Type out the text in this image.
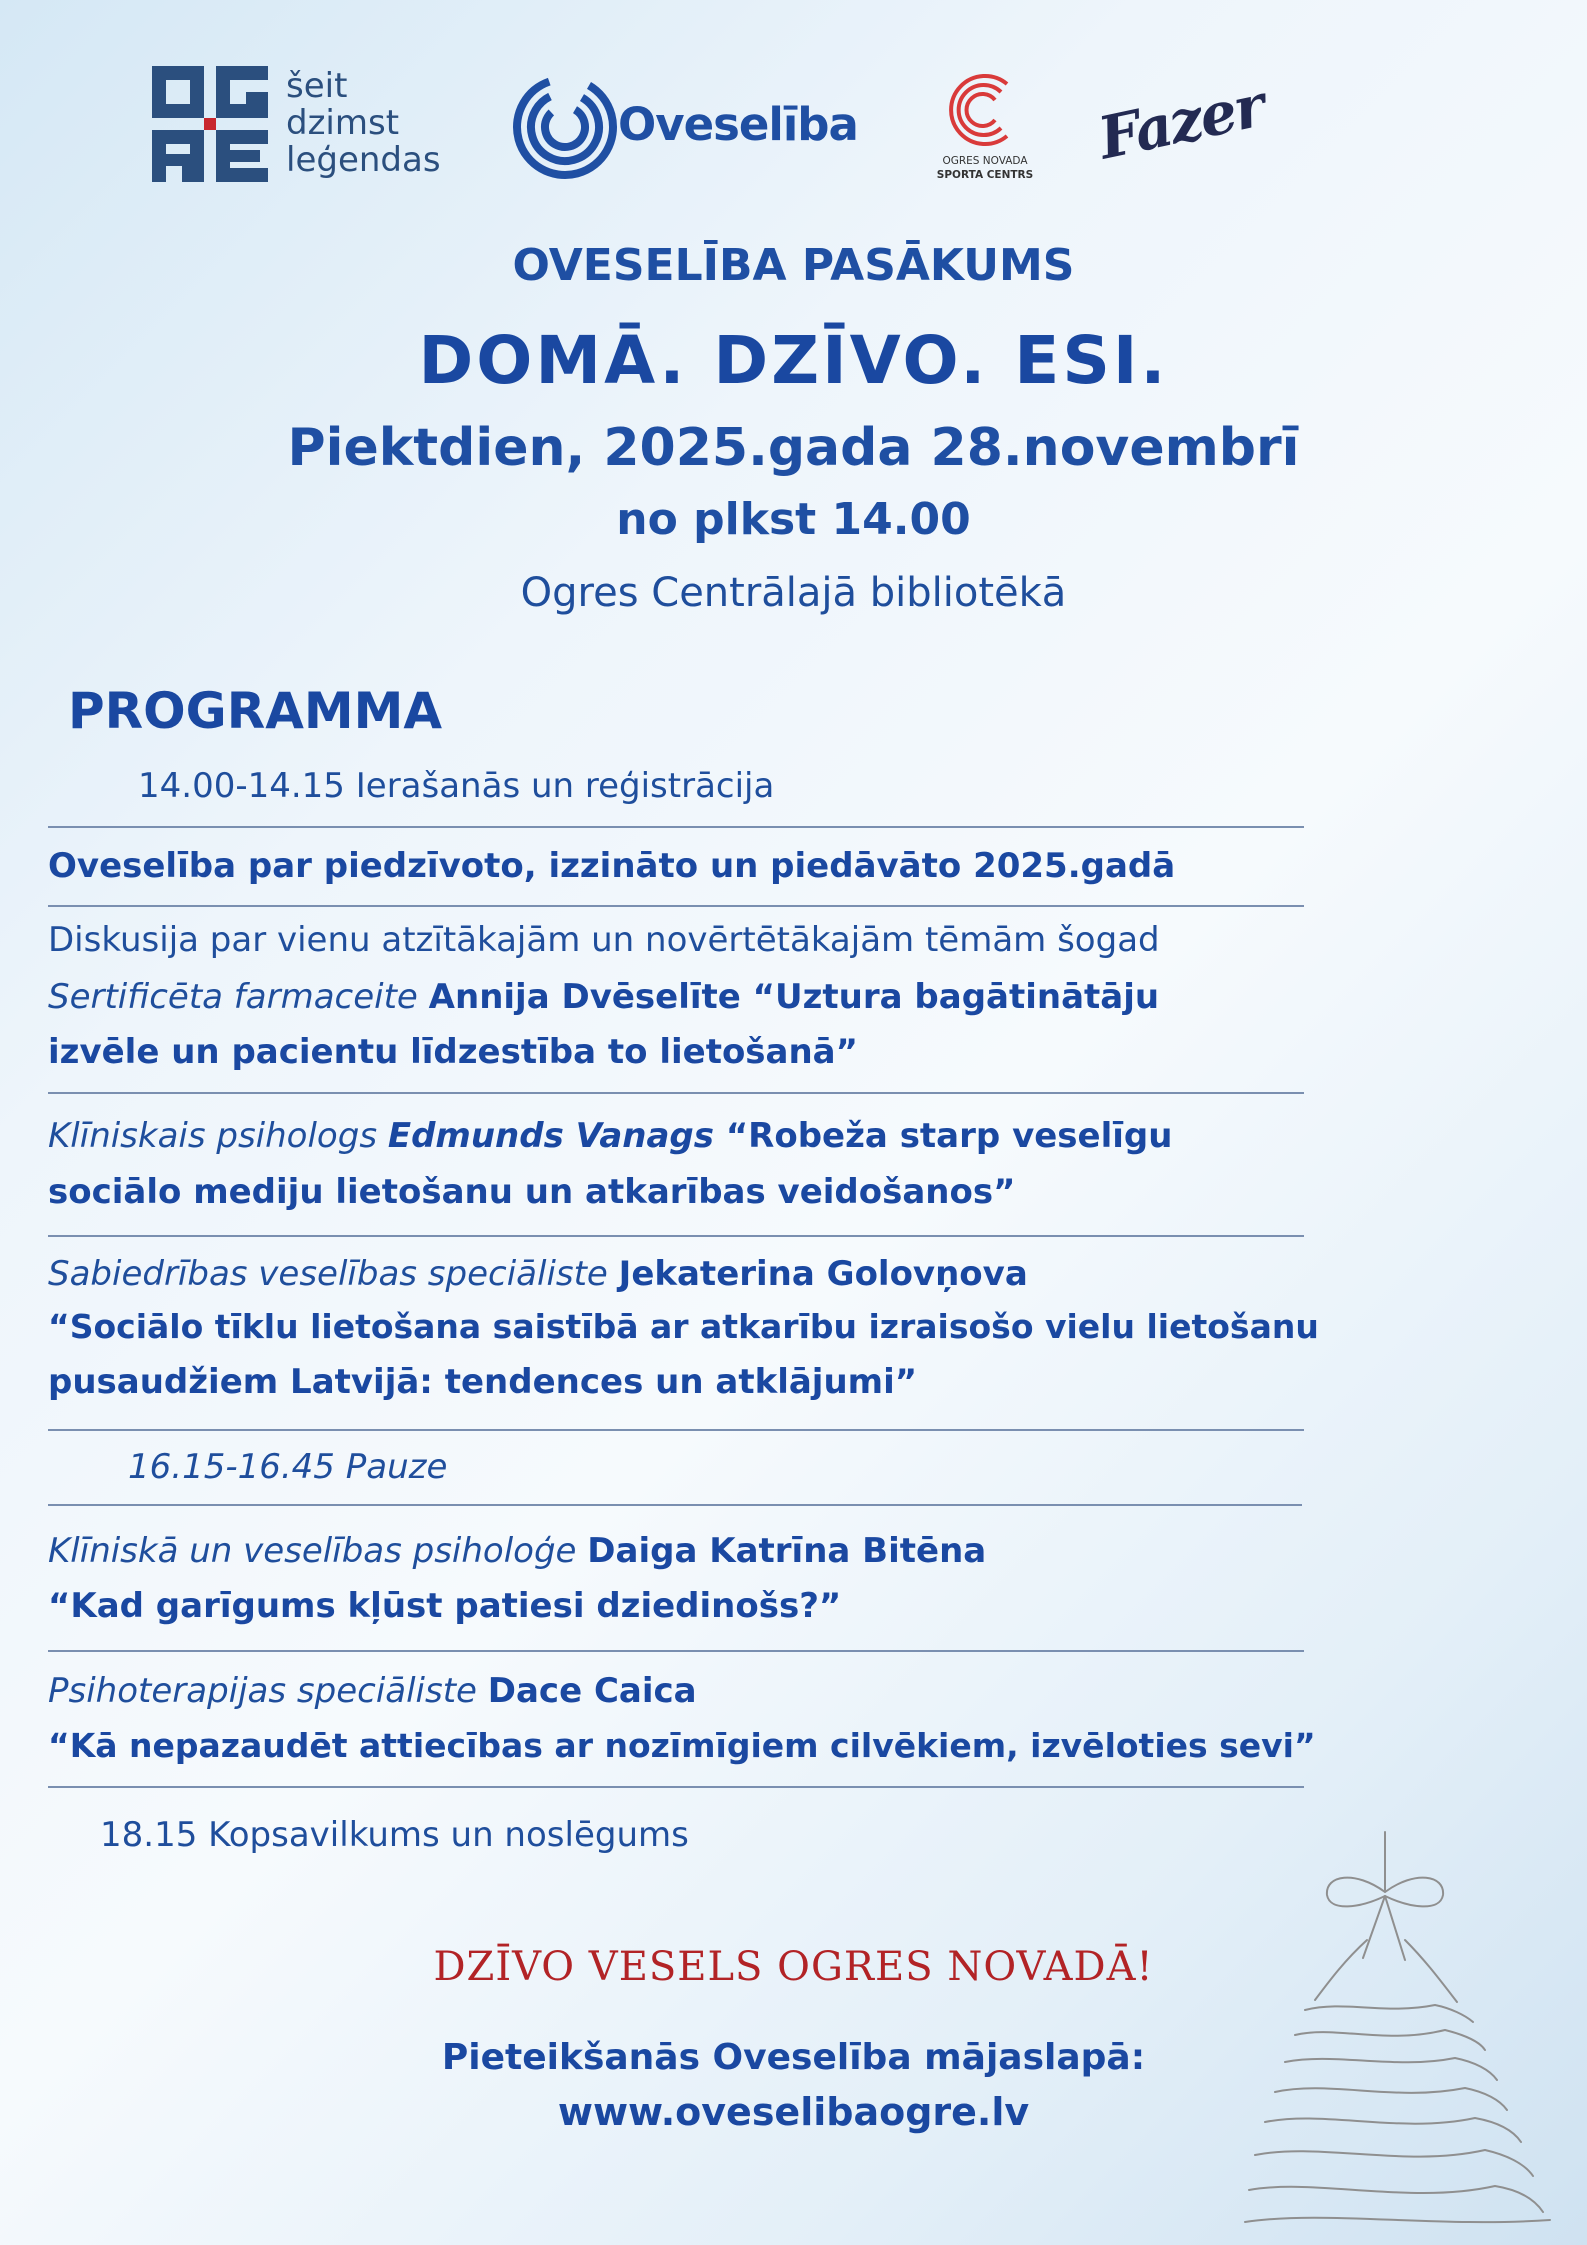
šeit
dzimst
leģendas
Oveselība
OGRES NOVADA
SPORTA CENTRS
Fazer
OVESELĪBA PASĀKUMS
DOMĀ. DZĪVO. ESI.
Piektdien, 2025.gada 28.novembrī
no plkst 14.00
Ogres Centrālajā bibliotēkā
PROGRAMMA
14.00-14.15 Ierašanās un reģistrācija
Oveselība par piedzīvoto, izzināto un piedāvāto 2025.gadā
Diskusija par vienu atzītākajām un novērtētākajām tēmām šogad
Sertificēta farmaceite Annija Dvēselīte “Uztura bagātinātāju
izvēle un pacientu līdzestība to lietošanā”
Klīniskais psihologs Edmunds Vanags “Robeža starp veselīgu
sociālo mediju lietošanu un atkarības veidošanos”
Sabiedrības veselības speciāliste Jekaterina Golovņova
“Sociālo tīklu lietošana saistībā ar atkarību izraisošo vielu lietošanu
pusaudžiem Latvijā: tendences un atklājumi”
16.15-16.45 Pauze
Klīniskā un veselības psiholoģe Daiga Katrīna Bitēna
“Kad garīgums kļūst patiesi dziedinošs?”
Psihoterapijas speciāliste Dace Caica
“Kā nepazaudēt attiecības ar nozīmīgiem cilvēkiem, izvēloties sevi”
18.15 Kopsavilkums un noslēgums
DZĪVO VESELS OGRES NOVADĀ!
Pieteikšanās Oveselība mājaslapā:
www.oveselibaogre.lv
